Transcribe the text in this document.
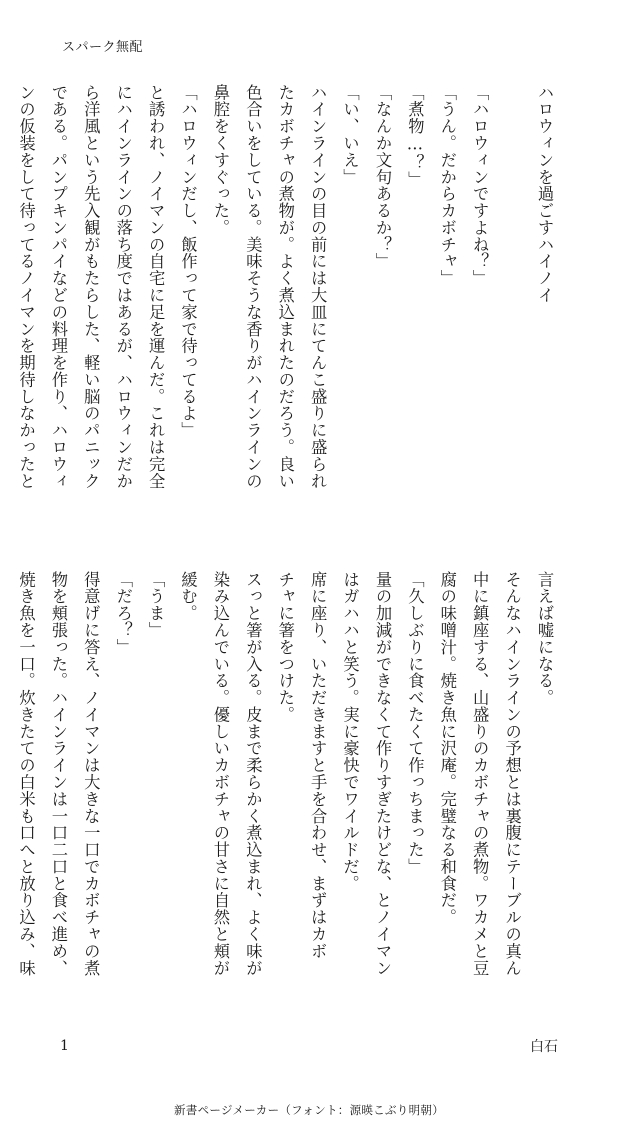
スパーク無配
ハロウィンを過ごすハイノイ

「ハロウィンですよね？」
「うん。だからカボチャ」
「煮物…？」
「なんか文句あるか？」
「い、いえ」
ハインラインの目の前には大皿にてんこ盛りに盛られ
たカボチャの煮物が。よく煮込まれたのだろう。良い
色合いをしている。美味そうな香りがハインラインの
鼻腔をくすぐった。
「ハロウィンだし、飯作って家で待ってるよ」
と誘われ、ノイマンの自宅に足を運んだ。これは完全
にハインラインの落ち度ではあるが、ハロウィンだか
ら洋風という先入観がもたらした、軽い脳のパニック
である。パンプキンパイなどの料理を作り、ハロウィ
ンの仮装をして待ってるノイマンを期待しなかったと
言えば嘘になる。
そんなハインラインの予想とは裏腹にテーブルの真ん
中に鎮座する、山盛りのカボチャの煮物。ワカメと豆
腐の味噌汁。焼き魚に沢庵。完璧なる和食だ。
「久しぶりに食べたくて作っちまった」
量の加減ができなくて作りすぎたけどな、とノイマン
はガハハと笑う。実に豪快でワイルドだ。
席に座り、いただきますと手を合わせ、まずはカボ
チャに箸をつけた。
スっと箸が入る。皮まで柔らかく煮込まれ、よく味が
染み込んでいる。優しいカボチャの甘さに自然と頬が
緩む。
「うま」
「だろ？」
得意げに答え、ノイマンは大きな一口でカボチャの煮
物を頬張った。ハインラインは一口二口と食べ進め、
焼き魚を一口。炊きたての白米も口へと放り込み、味
1	白石
新書ページメーカー（フォント：源暎こぶり明朝）
